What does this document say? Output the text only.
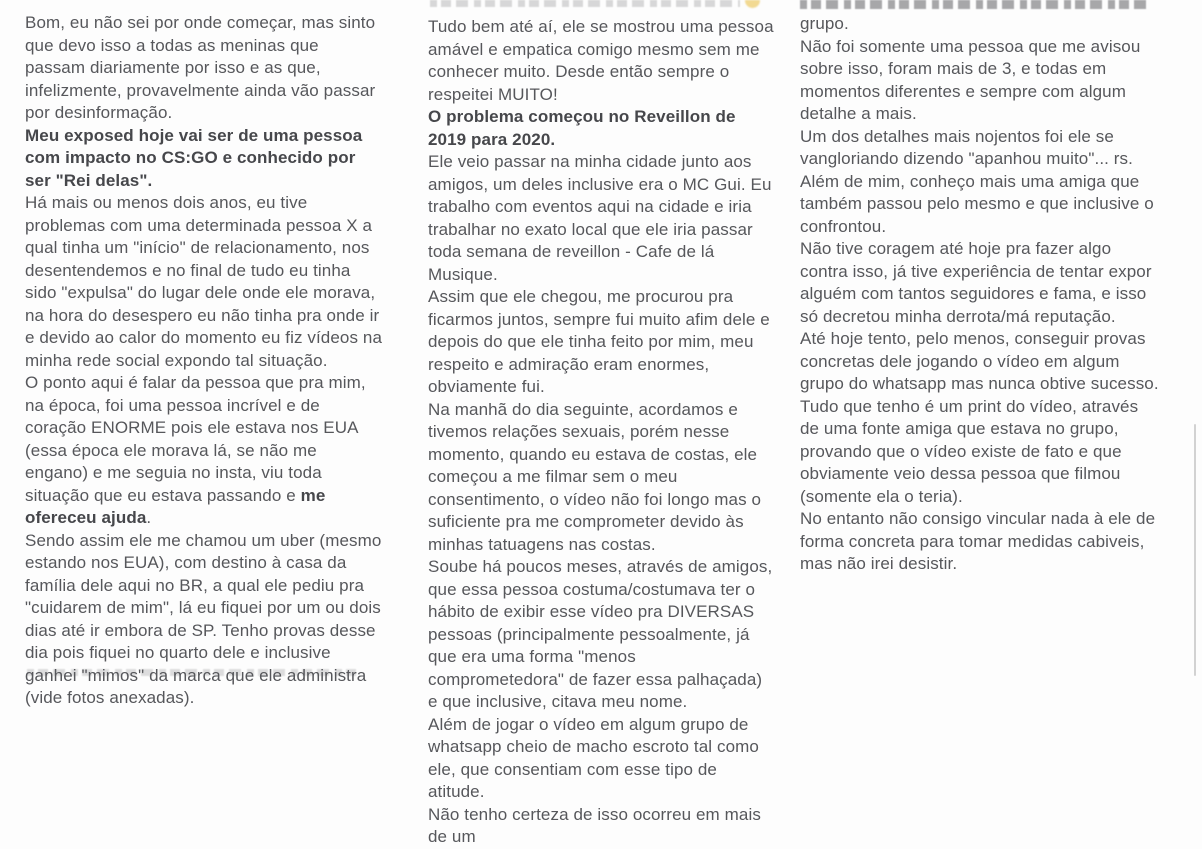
Bom, eu não sei por onde começar, mas sinto que devo isso a todas as meninas que passam diariamente por isso e as que, infelizmente, provavelmente ainda vão passar por desinformação.

Meu exposed hoje vai ser de uma pessoa com impacto no CS:GO e conhecido por ser "Rei delas".

Há mais ou menos dois anos, eu tive problemas com uma determinada pessoa X a qual tinha um "início" de relacionamento, nos desentendemos e no final de tudo eu tinha sido "expulsa" do lugar dele onde ele morava, na hora do desespero eu não tinha pra onde ir e devido ao calor do momento eu fiz vídeos na minha rede social expondo tal situação.

O ponto aqui é falar da pessoa que pra mim, na época, foi uma pessoa incrível e de coração ENORME pois ele estava nos EUA (essa época ele morava lá, se não me engano) e me seguia no insta, viu toda situação que eu estava passando e me ofereceu ajuda.

Sendo assim ele me chamou um uber (mesmo estando nos EUA), com destino à casa da família dele aqui no BR, a qual ele pediu pra "cuidarem de mim", lá eu fiquei por um ou dois dias até ir embora de SP. Tenho provas desse dia pois fiquei no quarto dele e inclusive ganhei "mimos" da marca que ele administra (vide fotos anexadas).

Tudo bem até aí, ele se mostrou uma pessoa amável e empatica comigo mesmo sem me conhecer muito. Desde então sempre o respeitei MUITO!

O problema começou no Reveillon de 2019 para 2020.

Ele veio passar na minha cidade junto aos amigos, um deles inclusive era o MC Gui. Eu trabalho com eventos aqui na cidade e iria trabalhar no exato local que ele iria passar toda semana de reveillon - Cafe de lá Musique.

Assim que ele chegou, me procurou pra ficarmos juntos, sempre fui muito afim dele e depois do que ele tinha feito por mim, meu respeito e admiração eram enormes, obviamente fui.

Na manhã do dia seguinte, acordamos e tivemos relações sexuais, porém nesse momento, quando eu estava de costas, ele começou a me filmar sem o meu consentimento, o vídeo não foi longo mas o suficiente pra me comprometer devido às minhas tatuagens nas costas.

Soube há poucos meses, através de amigos, que essa pessoa costuma/costumava ter o hábito de exibir esse vídeo pra DIVERSAS pessoas (principalmente pessoalmente, já que era uma forma "menos comprometedora" de fazer essa palhaçada) e que inclusive, citava meu nome.

Além de jogar o vídeo em algum grupo de whatsapp cheio de macho escroto tal como ele, que consentiam com esse tipo de atitude.

Não tenho certeza de isso ocorreu em mais de um

grupo.

Não foi somente uma pessoa que me avisou sobre isso, foram mais de 3, e todas em momentos diferentes e sempre com algum detalhe a mais.

Um dos detalhes mais nojentos foi ele se vangloriando dizendo "apanhou muito"... rs.

Além de mim, conheço mais uma amiga que também passou pelo mesmo e que inclusive o confrontou.

Não tive coragem até hoje pra fazer algo contra isso, já tive experiência de tentar expor alguém com tantos seguidores e fama, e isso só decretou minha derrota/má reputação.

Até hoje tento, pelo menos, conseguir provas concretas dele jogando o vídeo em algum grupo do whatsapp mas nunca obtive sucesso.

Tudo que tenho é um print do vídeo, através de uma fonte amiga que estava no grupo, provando que o vídeo existe de fato e que obviamente veio dessa pessoa que filmou (somente ela o teria).

No entanto não consigo vincular nada à ele de forma concreta para tomar medidas cabiveis, mas não irei desistir.
